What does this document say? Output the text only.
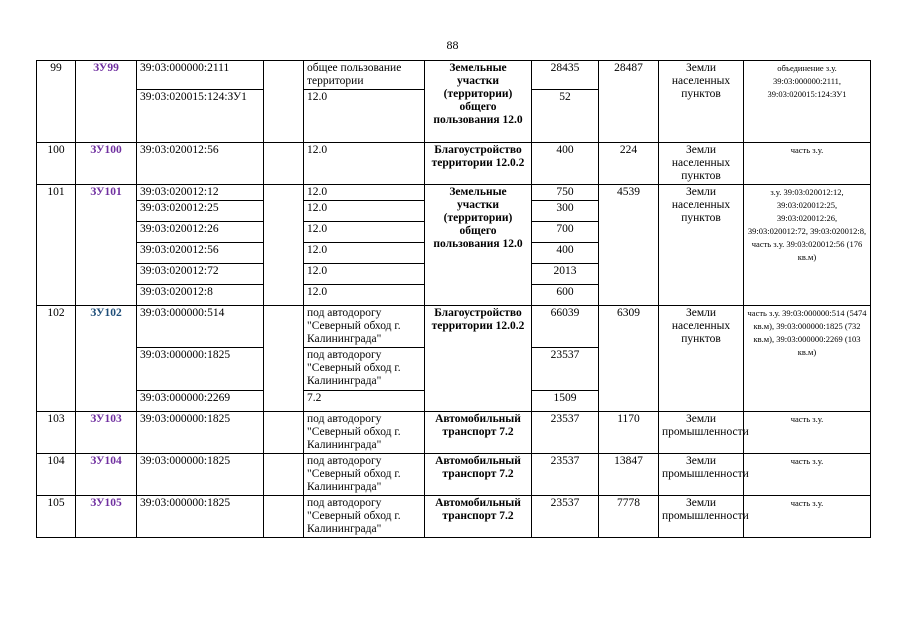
88
99	ЗУ99	39:03:000000:2111		общее пользование территории	Земельные участки (территории) общего пользования 12.0	28435	28487	Земли населенных пунктов	объединение з.у. 39:03:000000:2111, 39:03:020015:124:ЗУ1
		39:03:020015:124:ЗУ1		12.0		52			
100	ЗУ100	39:03:020012:56		12.0	Благоустройство территории 12.0.2	400	224	Земли населенных пунктов	часть з.у.
101	ЗУ101	39:03:020012:12		12.0	Земельные участки (территории) общего пользования 12.0	750	4539	Земли населенных пунктов	з.у. 39:03:020012:12, 39:03:020012:25, 39:03:020012:26, 39:03:020012:72, 39:03:020012:8, часть з.у. 39:03:020012:56 (176 кв.м)
		39:03:020012:25		12.0		300			
		39:03:020012:26		12.0		700			
		39:03:020012:56		12.0		400			
		39:03:020012:72		12.0		2013			
		39:03:020012:8		12.0		600			
102	ЗУ102	39:03:000000:514		под автодорогу "Северный обход г. Калининграда"	Благоустройство территории 12.0.2	66039	6309	Земли населенных пунктов	часть з.у. 39:03:000000:514 (5474 кв.м), 39:03:000000:1825 (732 кв.м), 39:03:000000:2269 (103 кв.м)
		39:03:000000:1825		под автодорогу "Северный обход г. Калининграда"		23537			
		39:03:000000:2269		7.2		1509			
103	ЗУ103	39:03:000000:1825		под автодорогу "Северный обход г. Калининграда"	Автомобильный транспорт 7.2	23537	1170	Земли промышленности	часть з.у.
104	ЗУ104	39:03:000000:1825		под автодорогу "Северный обход г. Калининграда"	Автомобильный транспорт 7.2	23537	13847	Земли промышленности	часть з.у.
105	ЗУ105	39:03:000000:1825		под автодорогу "Северный обход г. Калининграда"	Автомобильный транспорт 7.2	23537	7778	Земли промышленности	часть з.у.
